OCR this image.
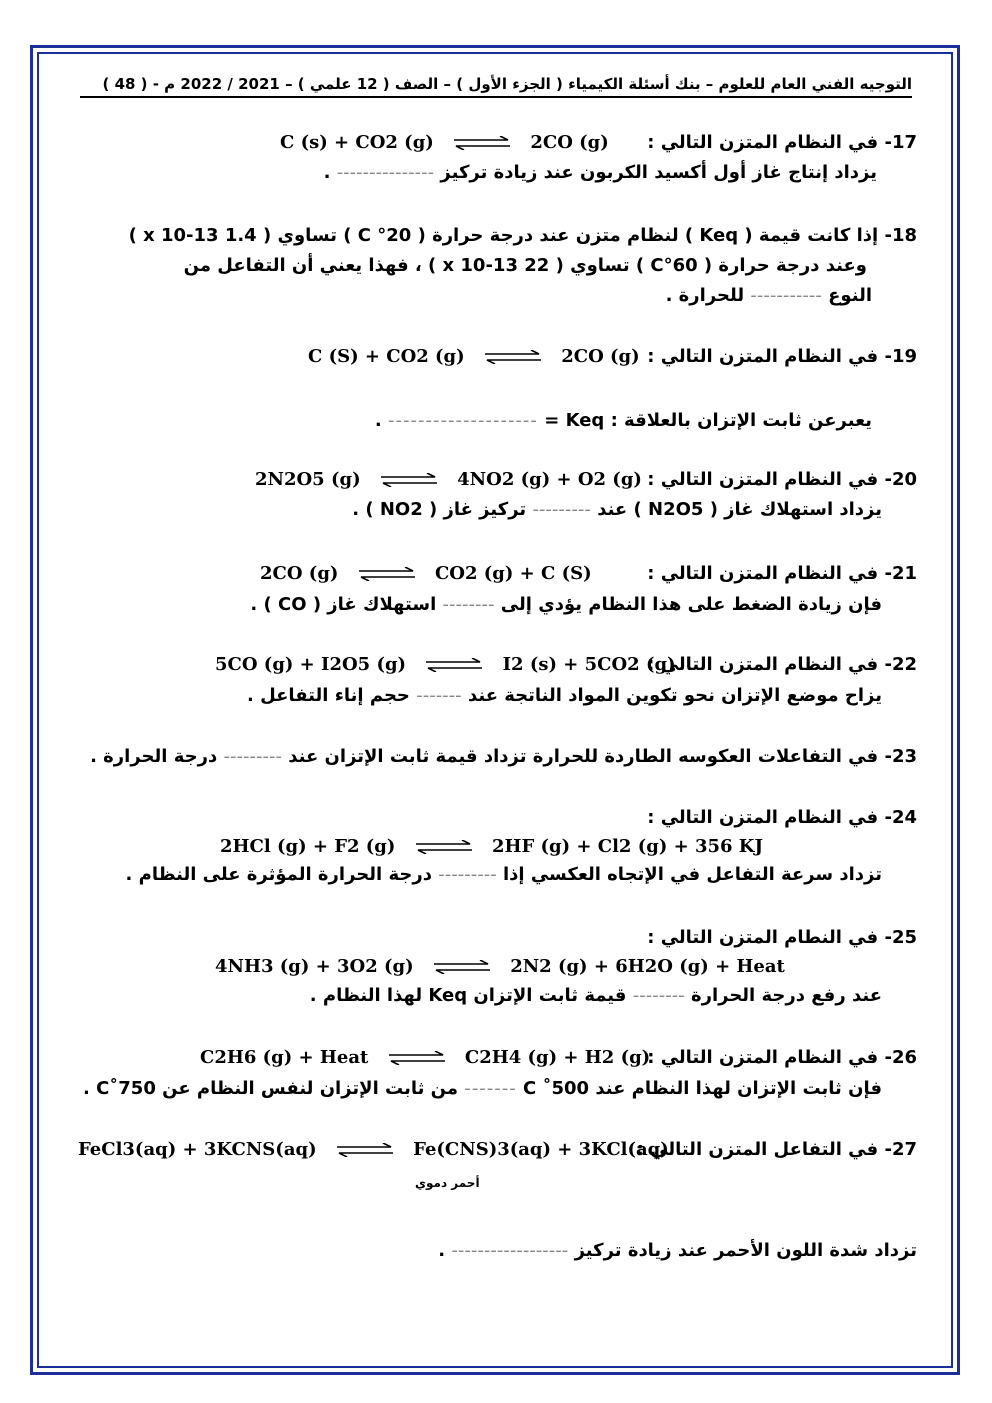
التوجيه الفني العام للعلوم – بنك أسئلة الكيمياء ( الجزء الأول ) – الصف ( 12 علمي ) – 2021 / 2022 م - ( 48 )
17- في النظام المتزن التالي :
C (s) + CO2 (g) ⇌ 2CO (g)
يزداد إنتاج غاز أول أكسيد الكربون عند زيادة تركيز --------------- .
18- إذا كانت قيمة ( Keq ) لنظام متزن عند درجة حرارة ( 20° C ) تساوي ( 1.4 x 10-13 )
وعند درجة حرارة ( 60°C ) تساوي ( 22 x 10-13 ) ، فهذا يعني أن التفاعل من
النوع ----------- للحرارة .
19- في النظام المتزن التالي :
C (S) + CO2 (g) ⇌ 2CO (g)
يعبرعن ثابت الإتزان بالعلاقة : Keq = -------------------- .
20- في النظام المتزن التالي :
2N2O5 (g) ⇌ 4NO2 (g) + O2 (g)
يزداد استهلاك غاز ( N2O5 ) عند --------- تركيز غاز ( NO2 ) .
21- في النظام المتزن التالي :
2CO (g) ⇌ CO2 (g) + C (S)
فإن زيادة الضغط على هذا النظام يؤدي إلى -------- استهلاك غاز ( CO ) .
22- في النظام المتزن التالي :
5CO (g) + I2O5 (g) ⇌ I2 (s) + 5CO2 (g)
يزاح موضع الإتزان نحو تكوين المواد الناتجة عند ------- حجم إناء التفاعل .
23- في التفاعلات العكوسه الطاردة للحرارة تزداد قيمة ثابت الإتزان عند --------- درجة الحرارة .
24- في النظام المتزن التالي :
2HCl (g) + F2 (g) ⇌ 2HF (g) + Cl2 (g) + 356 KJ
تزداد سرعة التفاعل في الإتجاه العكسي إذا --------- درجة الحرارة المؤثرة على النظام .
25- في النطام المتزن التالي :
4NH3 (g) + 3O2 (g) ⇌ 2N2 (g) + 6H2O (g) + Heat
عند رفع درجة الحرارة -------- قيمة ثابت الإتزان Keq لهذا النظام .
26- في النظام المتزن التالي :
C2H6 (g) + Heat ⇌ C2H4 (g) + H2 (g)
فإن ثابت الإتزان لهذا النظام عند 500˚ C ------- من ثابت الإتزان لنفس النظام عن 750˚C .
27- في التفاعل المتزن التالي :
FeCl3(aq) + 3KCNS(aq) ⇌ Fe(CNS)3(aq) + 3KCl(aq)
أحمر دموي
تزداد شدة اللون الأحمر عند زيادة تركيز ------------------ .
